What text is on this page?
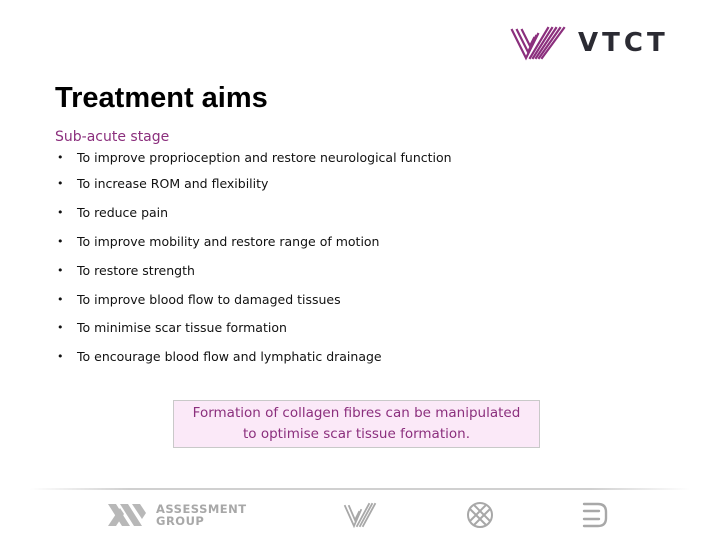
VTCT
Treatment aims
Sub-acute stage
• To improve proprioception and restore neurological function
• To increase ROM and flexibility
• To reduce pain
• To improve mobility and restore range of motion
• To restore strength
• To improve blood flow to damaged tissues
• To minimise scar tissue formation
• To encourage blood flow and lymphatic drainage
Formation of collagen fibres can be manipulated
to optimise scar tissue formation.
ASSESSMENT
GROUP
